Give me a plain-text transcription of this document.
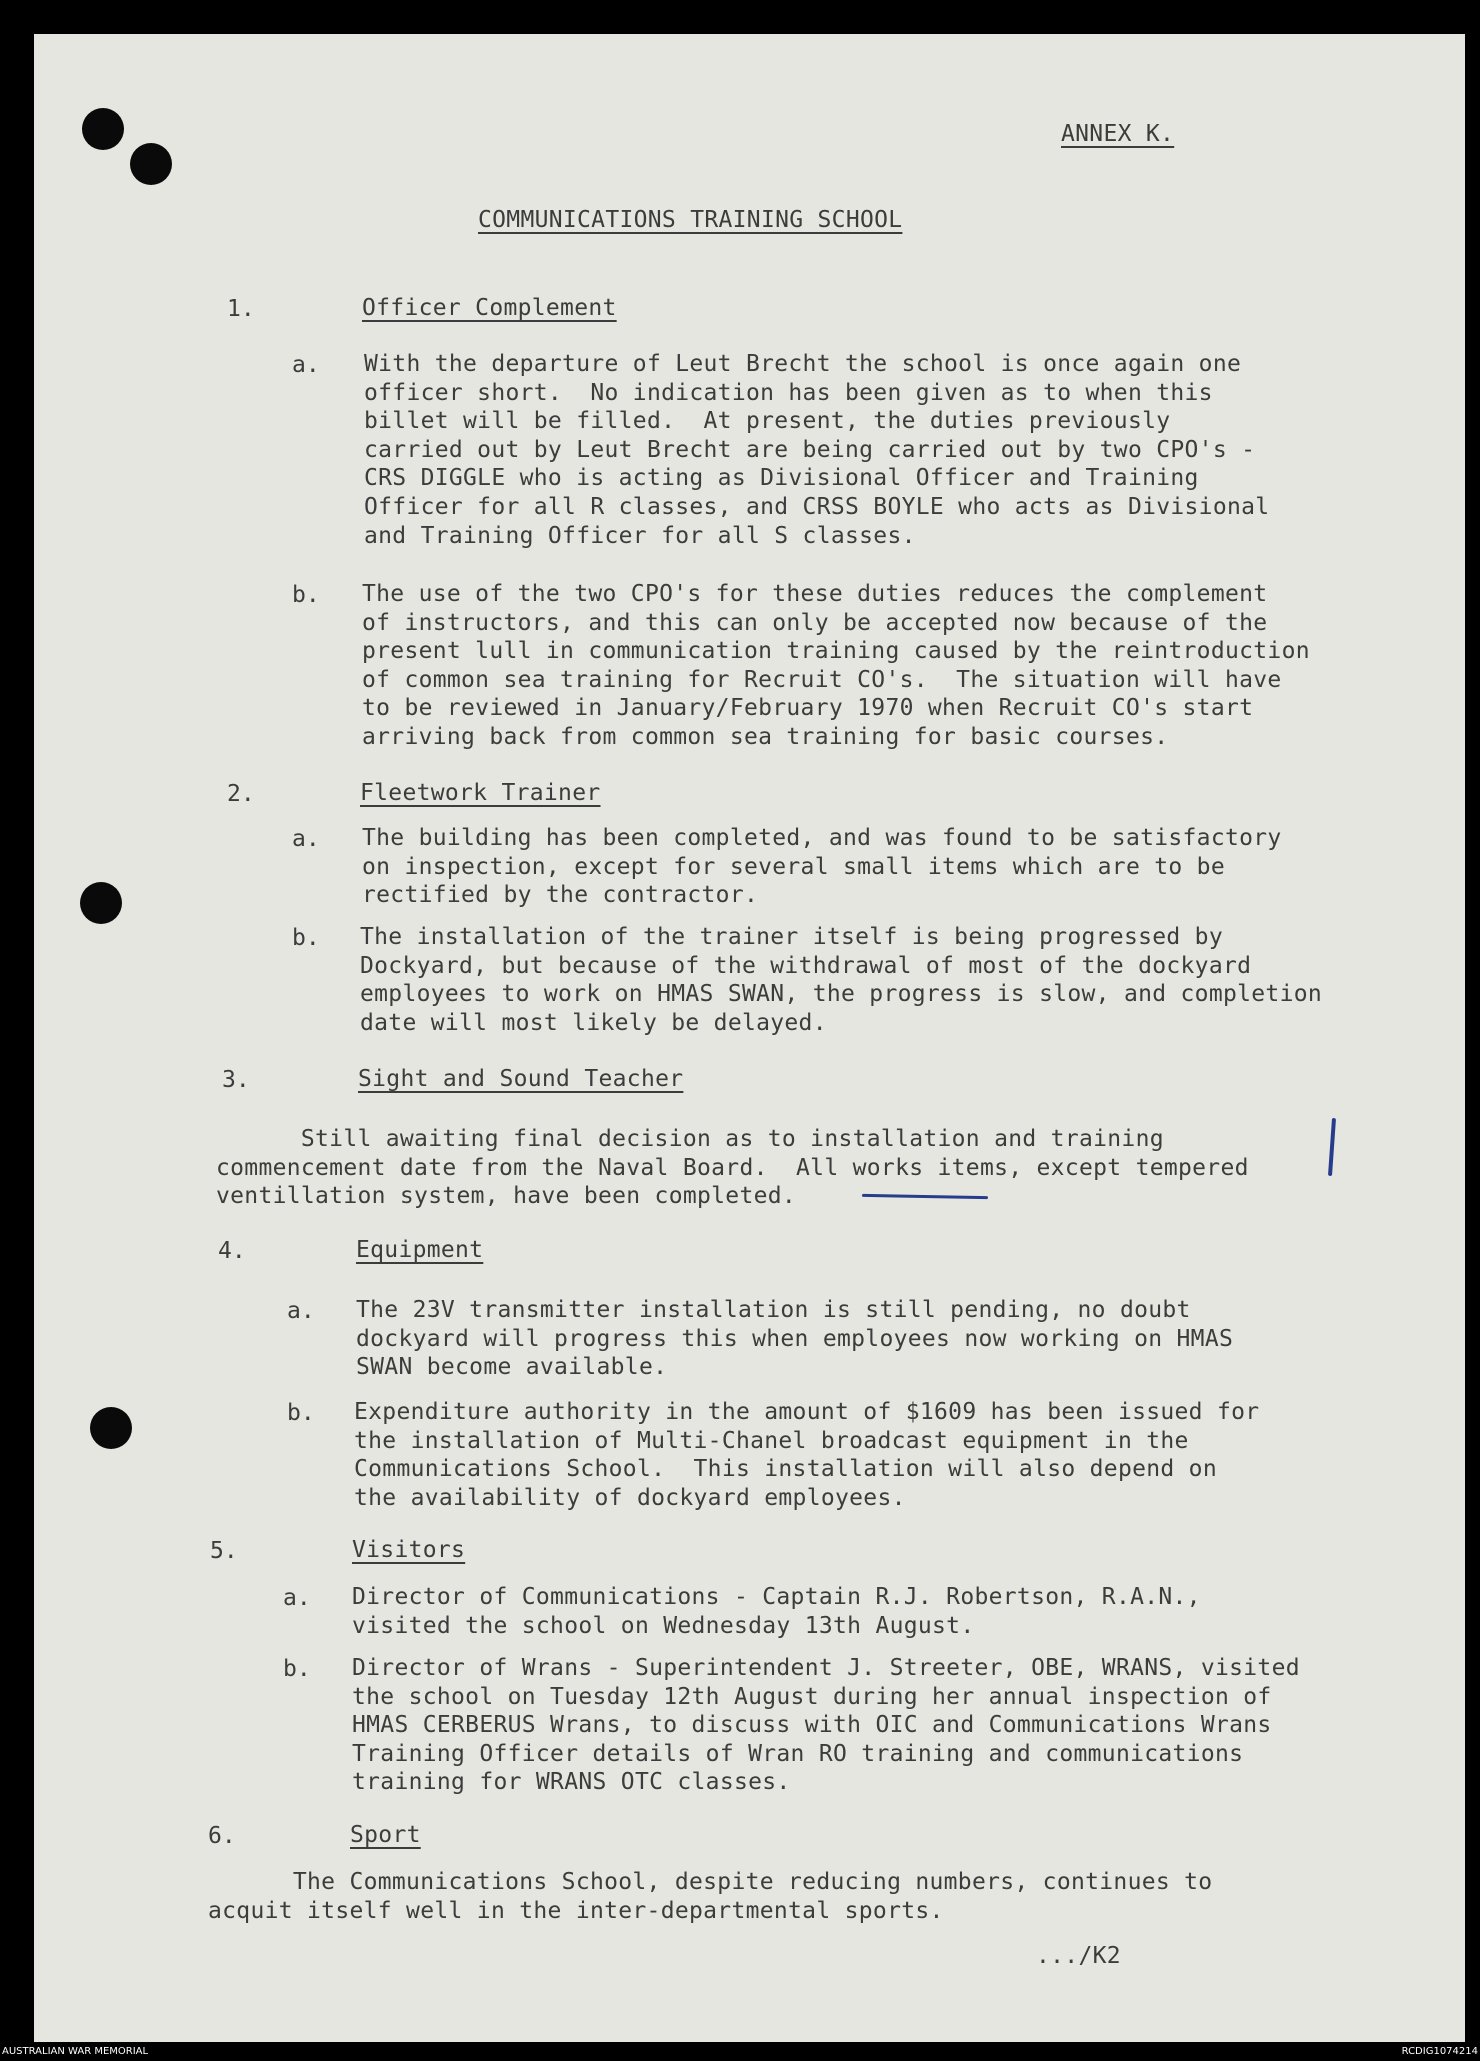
ANNEX K.
COMMUNICATIONS TRAINING SCHOOL
1.	Officer Complement
a. With the departure of Leut Brecht the school is once again one
officer short.  No indication has been given as to when this
billet will be filled.  At present, the duties previously
carried out by Leut Brecht are being carried out by two CPO's -
CRS DIGGLE who is acting as Divisional Officer and Training
Officer for all R classes, and CRSS BOYLE who acts as Divisional
and Training Officer for all S classes.
b. The use of the two CPO's for these duties reduces the complement
of instructors, and this can only be accepted now because of the
present lull in communication training caused by the reintroduction
of common sea training for Recruit CO's.  The situation will have
to be reviewed in January/February 1970 when Recruit CO's start
arriving back from common sea training for basic courses.
2.	Fleetwork Trainer
a. The building has been completed, and was found to be satisfactory
on inspection, except for several small items which are to be
rectified by the contractor.
b. The installation of the trainer itself is being progressed by
Dockyard, but because of the withdrawal of most of the dockyard
employees to work on HMAS SWAN, the progress is slow, and completion
date will most likely be delayed.
3.	Sight and Sound Teacher
Still awaiting final decision as to installation and training
commencement date from the Naval Board.  All works items, except tempered
ventillation system, have been completed.
4.	Equipment
a. The 23V transmitter installation is still pending, no doubt
dockyard will progress this when employees now working on HMAS
SWAN become available.
b. Expenditure authority in the amount of $1609 has been issued for
the installation of Multi-Chanel broadcast equipment in the
Communications School.  This installation will also depend on
the availability of dockyard employees.
5.	Visitors
a. Director of Communications - Captain R.J. Robertson, R.A.N.,
visited the school on Wednesday 13th August.
b. Director of Wrans - Superintendent J. Streeter, OBE, WRANS, visited
the school on Tuesday 12th August during her annual inspection of
HMAS CERBERUS Wrans, to discuss with OIC and Communications Wrans
Training Officer details of Wran RO training and communications
training for WRANS OTC classes.
6.	Sport
The Communications School, despite reducing numbers, continues to
acquit itself well in the inter-departmental sports.
.../K2
AUSTRALIAN WAR MEMORIAL	RCDIG1074214
